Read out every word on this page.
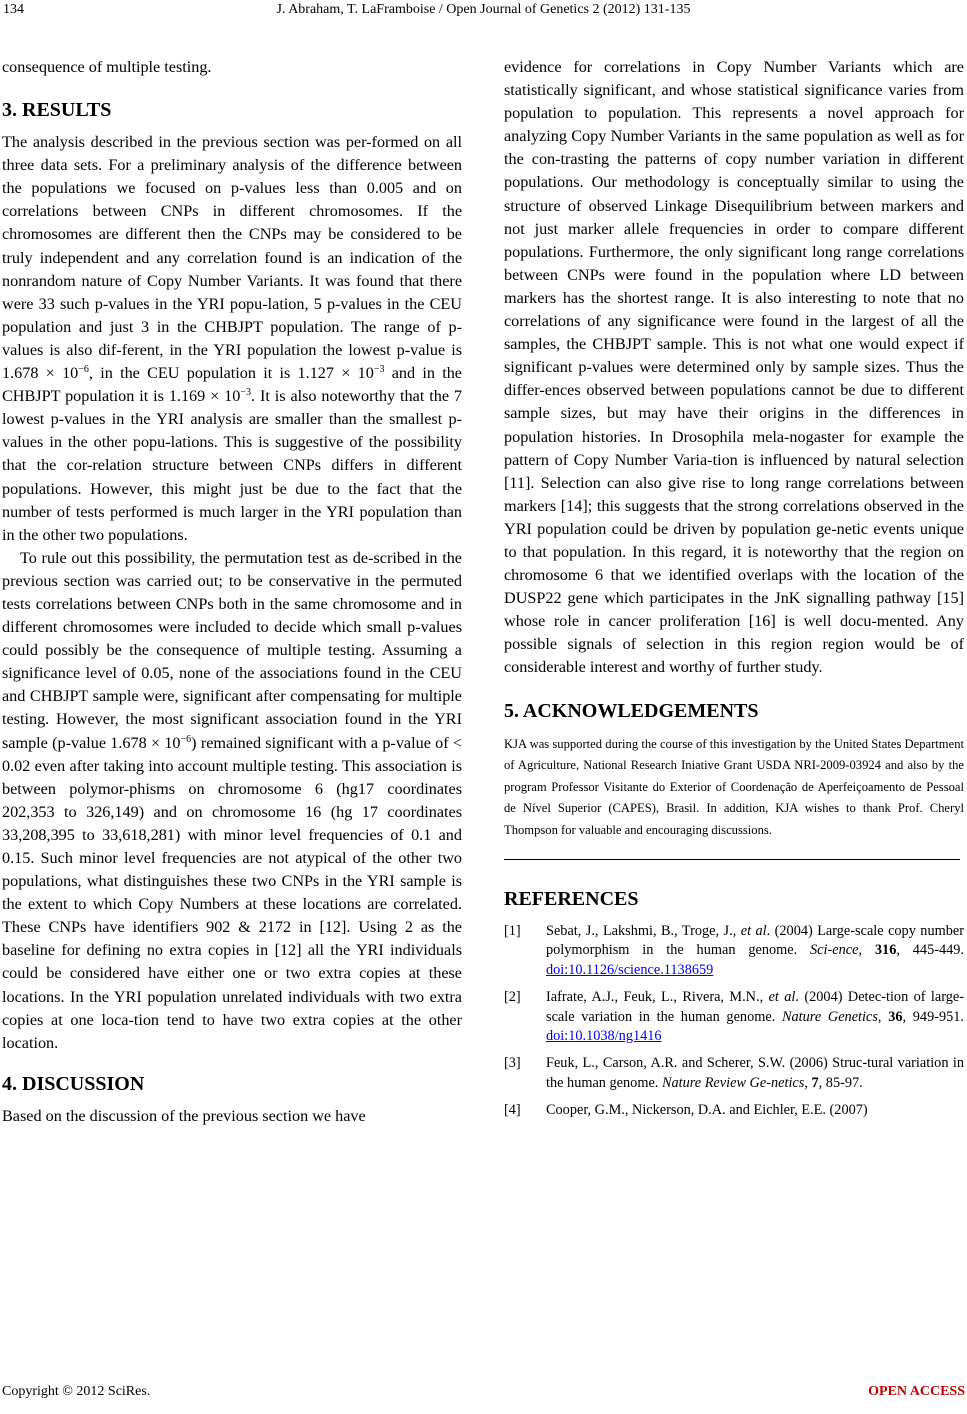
134	J. Abraham, T. LaFramboise / Open Journal of Genetics 2 (2012) 131-135

consequence of multiple testing.

3. RESULTS

The analysis described in the previous section was per-formed on all three data sets. For a preliminary analysis of the difference between the populations we focused on p-values less than 0.005 and on correlations between CNPs in different chromosomes. If the chromosomes are different then the CNPs may be considered to be truly independent and any correlation found is an indication of the nonrandom nature of Copy Number Variants. It was found that there were 33 such p-values in the YRI popu-lation, 5 p-values in the CEU population and just 3 in the CHBJPT population. The range of p-values is also dif-ferent, in the YRI population the lowest p-value is $1.678 \times 10^{-6}$, in the CEU population it is $1.127 \times 10^{-3}$ and in the CHBJPT population it is $1.169 \times 10^{-3}$. It is also noteworthy that the 7 lowest p-values in the YRI analysis are smaller than the smallest p-values in the other popu-lations. This is suggestive of the possibility that the cor-relation structure between CNPs differs in different populations. However, this might just be due to the fact that the number of tests performed is much larger in the YRI population than in the other two populations.

To rule out this possibility, the permutation test as de-scribed in the previous section was carried out; to be conservative in the permuted tests correlations between CNPs both in the same chromosome and in different chromosomes were included to decide which small p-values could possibly be the consequence of multiple testing. Assuming a significance level of 0.05, none of the associations found in the CEU and CHBJPT sample were, significant after compensating for multiple testing. However, the most significant association found in the YRI sample (p-value $1.678 \times 10^{-6}$) remained significant with a p-value of < 0.02 even after taking into account multiple testing. This association is between polymor-phisms on chromosome 6 (hg17 coordinates 202,353 to 326,149) and on chromosome 16 (hg 17 coordinates 33,208,395 to 33,618,281) with minor level frequencies of 0.1 and 0.15. Such minor level frequencies are not atypical of the other two populations, what distinguishes these two CNPs in the YRI sample is the extent to which Copy Numbers at these locations are correlated. These CNPs have identifiers 902 & 2172 in [12]. Using 2 as the baseline for defining no extra copies in [12] all the YRI individuals could be considered have either one or two extra copies at these locations. In the YRI population unrelated individuals with two extra copies at one loca-tion tend to have two extra copies at the other location.

4. DISCUSSION

Based on the discussion of the previous section we have

evidence for correlations in Copy Number Variants which are statistically significant, and whose statistical significance varies from population to population. This represents a novel approach for analyzing Copy Number Variants in the same population as well as for the con-trasting the patterns of copy number variation in different populations. Our methodology is conceptually similar to using the structure of observed Linkage Disequilibrium between markers and not just marker allele frequencies in order to compare different populations. Furthermore, the only significant long range correlations between CNPs were found in the population where LD between markers has the shortest range. It is also interesting to note that no correlations of any significance were found in the largest of all the samples, the CHBJPT sample. This is not what one would expect if significant p-values were determined only by sample sizes. Thus the differ-ences observed between populations cannot be due to different sample sizes, but may have their origins in the differences in population histories. In Drosophila mela-nogaster for example the pattern of Copy Number Varia-tion is influenced by natural selection [11]. Selection can also give rise to long range correlations between markers [14]; this suggests that the strong correlations observed in the YRI population could be driven by population ge-netic events unique to that population. In this regard, it is noteworthy that the region on chromosome 6 that we identified overlaps with the location of the DUSP22 gene which participates in the JnK signalling pathway [15] whose role in cancer proliferation [16] is well docu-mented. Any possible signals of selection in this region region would be of considerable interest and worthy of further study.

5. ACKNOWLEDGEMENTS

KJA was supported during the course of this investigation by the United States Department of Agriculture, National Research Iniative Grant USDA NRI-2009-03924 and also by the program Professor Visitante do Exterior of Coordenação de Aperfeiçoamento de Pessoal de Nível Superior (CAPES), Brasil. In addition, KJA wishes to thank Prof. Cheryl Thompson for valuable and encouraging discussions.

REFERENCES
[1]	Sebat, J., Lakshmi, B., Troge, J., et al. (2004) Large-scale copy number polymorphism in the human genome. Sci-ence, 316, 445-449. doi:10.1126/science.1138659
[2]	Iafrate, A.J., Feuk, L., Rivera, M.N., et al. (2004) Detec-tion of large-scale variation in the human genome. Nature Genetics, 36, 949-951. doi:10.1038/ng1416
[3]	Feuk, L., Carson, A.R. and Scherer, S.W. (2006) Struc-tural variation in the human genome. Nature Review Ge-netics, 7, 85-97.
[4]	Cooper, G.M., Nickerson, D.A. and Eichler, E.E. (2007)
Copyright © 2012 SciRes.	OPEN ACCESS
